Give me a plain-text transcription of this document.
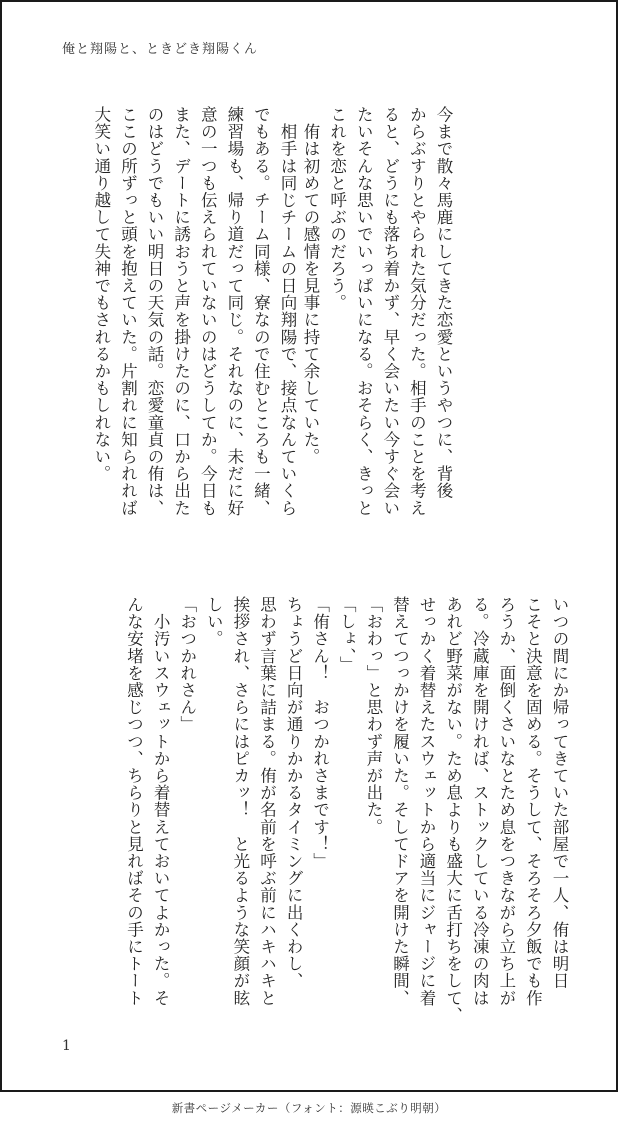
俺と翔陽と、ときどき翔陽くん
今まで散々馬鹿にしてきた恋愛というやつに、背後
からぶすりとやられた気分だった。相手のことを考え
ると、どうにも落ち着かず、早く会いたい今すぐ会い
たいそんな思いでいっぱいになる。おそらく、きっと
これを恋と呼ぶのだろう。
　侑は初めての感情を見事に持て余していた。
　相手は同じチームの日向翔陽で、接点なんていくら
でもある。チーム同様、寮なので住むところも一緒、
練習場も、帰り道だって同じ。それなのに、未だに好
意の一つも伝えられていないのはどうしてか。今日も
また、デートに誘おうと声を掛けたのに、口から出た
のはどうでもいい明日の天気の話。恋愛童貞の侑は、
ここの所ずっと頭を抱えていた。片割れに知られれば
大笑い通り越して失神でもされるかもしれない。
いつの間にか帰ってきていた部屋で一人、侑は明日
こそと決意を固める。そうして、そろそろ夕飯でも作
ろうか、面倒くさいなとため息をつきながら立ち上が
る。冷蔵庫を開ければ、ストックしている冷凍の肉は
あれど野菜がない。ため息よりも盛大に舌打ちをして、
せっかく着替えたスウェットから適当にジャージに着
替えてつっかけを履いた。そしてドアを開けた瞬間、
「おわっ」と思わず声が出た。
「しょ、」
「侑さん！　おつかれさまです！」
ちょうど日向が通りかかるタイミングに出くわし、
思わず言葉に詰まる。侑が名前を呼ぶ前にハキハキと
挨拶され、さらにはピカッ！　と光るような笑顔が眩
しい。
「おつかれさん」
　小汚いスウェットから着替えておいてよかった。そ
んな安堵を感じつつ、ちらりと見ればその手にトート
1
新書ページメーカー（フォント：源暎こぶり明朝）
